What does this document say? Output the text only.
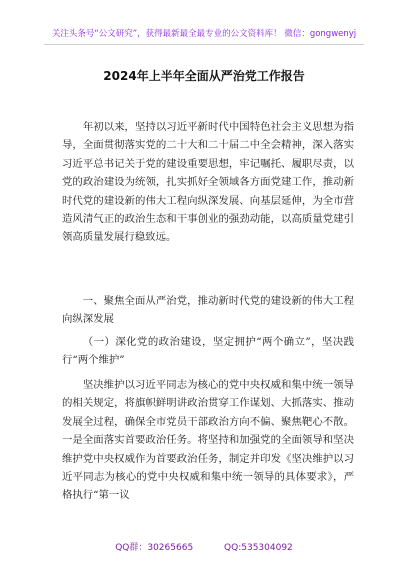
关注头条号“公文研究”，获得最新最全最专业的公文资料库！ 微信：gongwenyj
2024年上半年全面从严治党工作报告
年初以来，坚持以习近平新时代中国特色社会主义思想为指导，全面贯彻落实党的二十大和二十届二中全会精神，深入落实习近平总书记关于党的建设重要思想，牢记嘱托、履职尽责，以党的政治建设为统领，扎实抓好全领域各方面党建工作，推动新时代党的建设新的伟大工程向纵深发展、向基层延伸，为全市营造风清气正的政治生态和干事创业的强劲动能，以高质量党建引领高质量发展行稳致远。
一、聚焦全面从严治党，推动新时代党的建设新的伟大工程向纵深发展
（一）深化党的政治建设，坚定拥护“两个确立”，坚决践行“两个维护”
坚决维护以习近平同志为核心的党中央权威和集中统一领导的相关规定，将旗帜鲜明讲政治贯穿工作谋划、大抓落实、推动发展全过程，确保全市党员干部政治方向不偏、聚焦靶心不散。一是全面落实首要政治任务。将坚持和加强党的全面领导和坚决维护党中央权威作为首要政治任务，制定并印发《坚决维护以习近平同志为核心的党中央权威和集中统一领导的具体要求》，严格执行“第一议
QQ群：30265665	QQ:535304092
